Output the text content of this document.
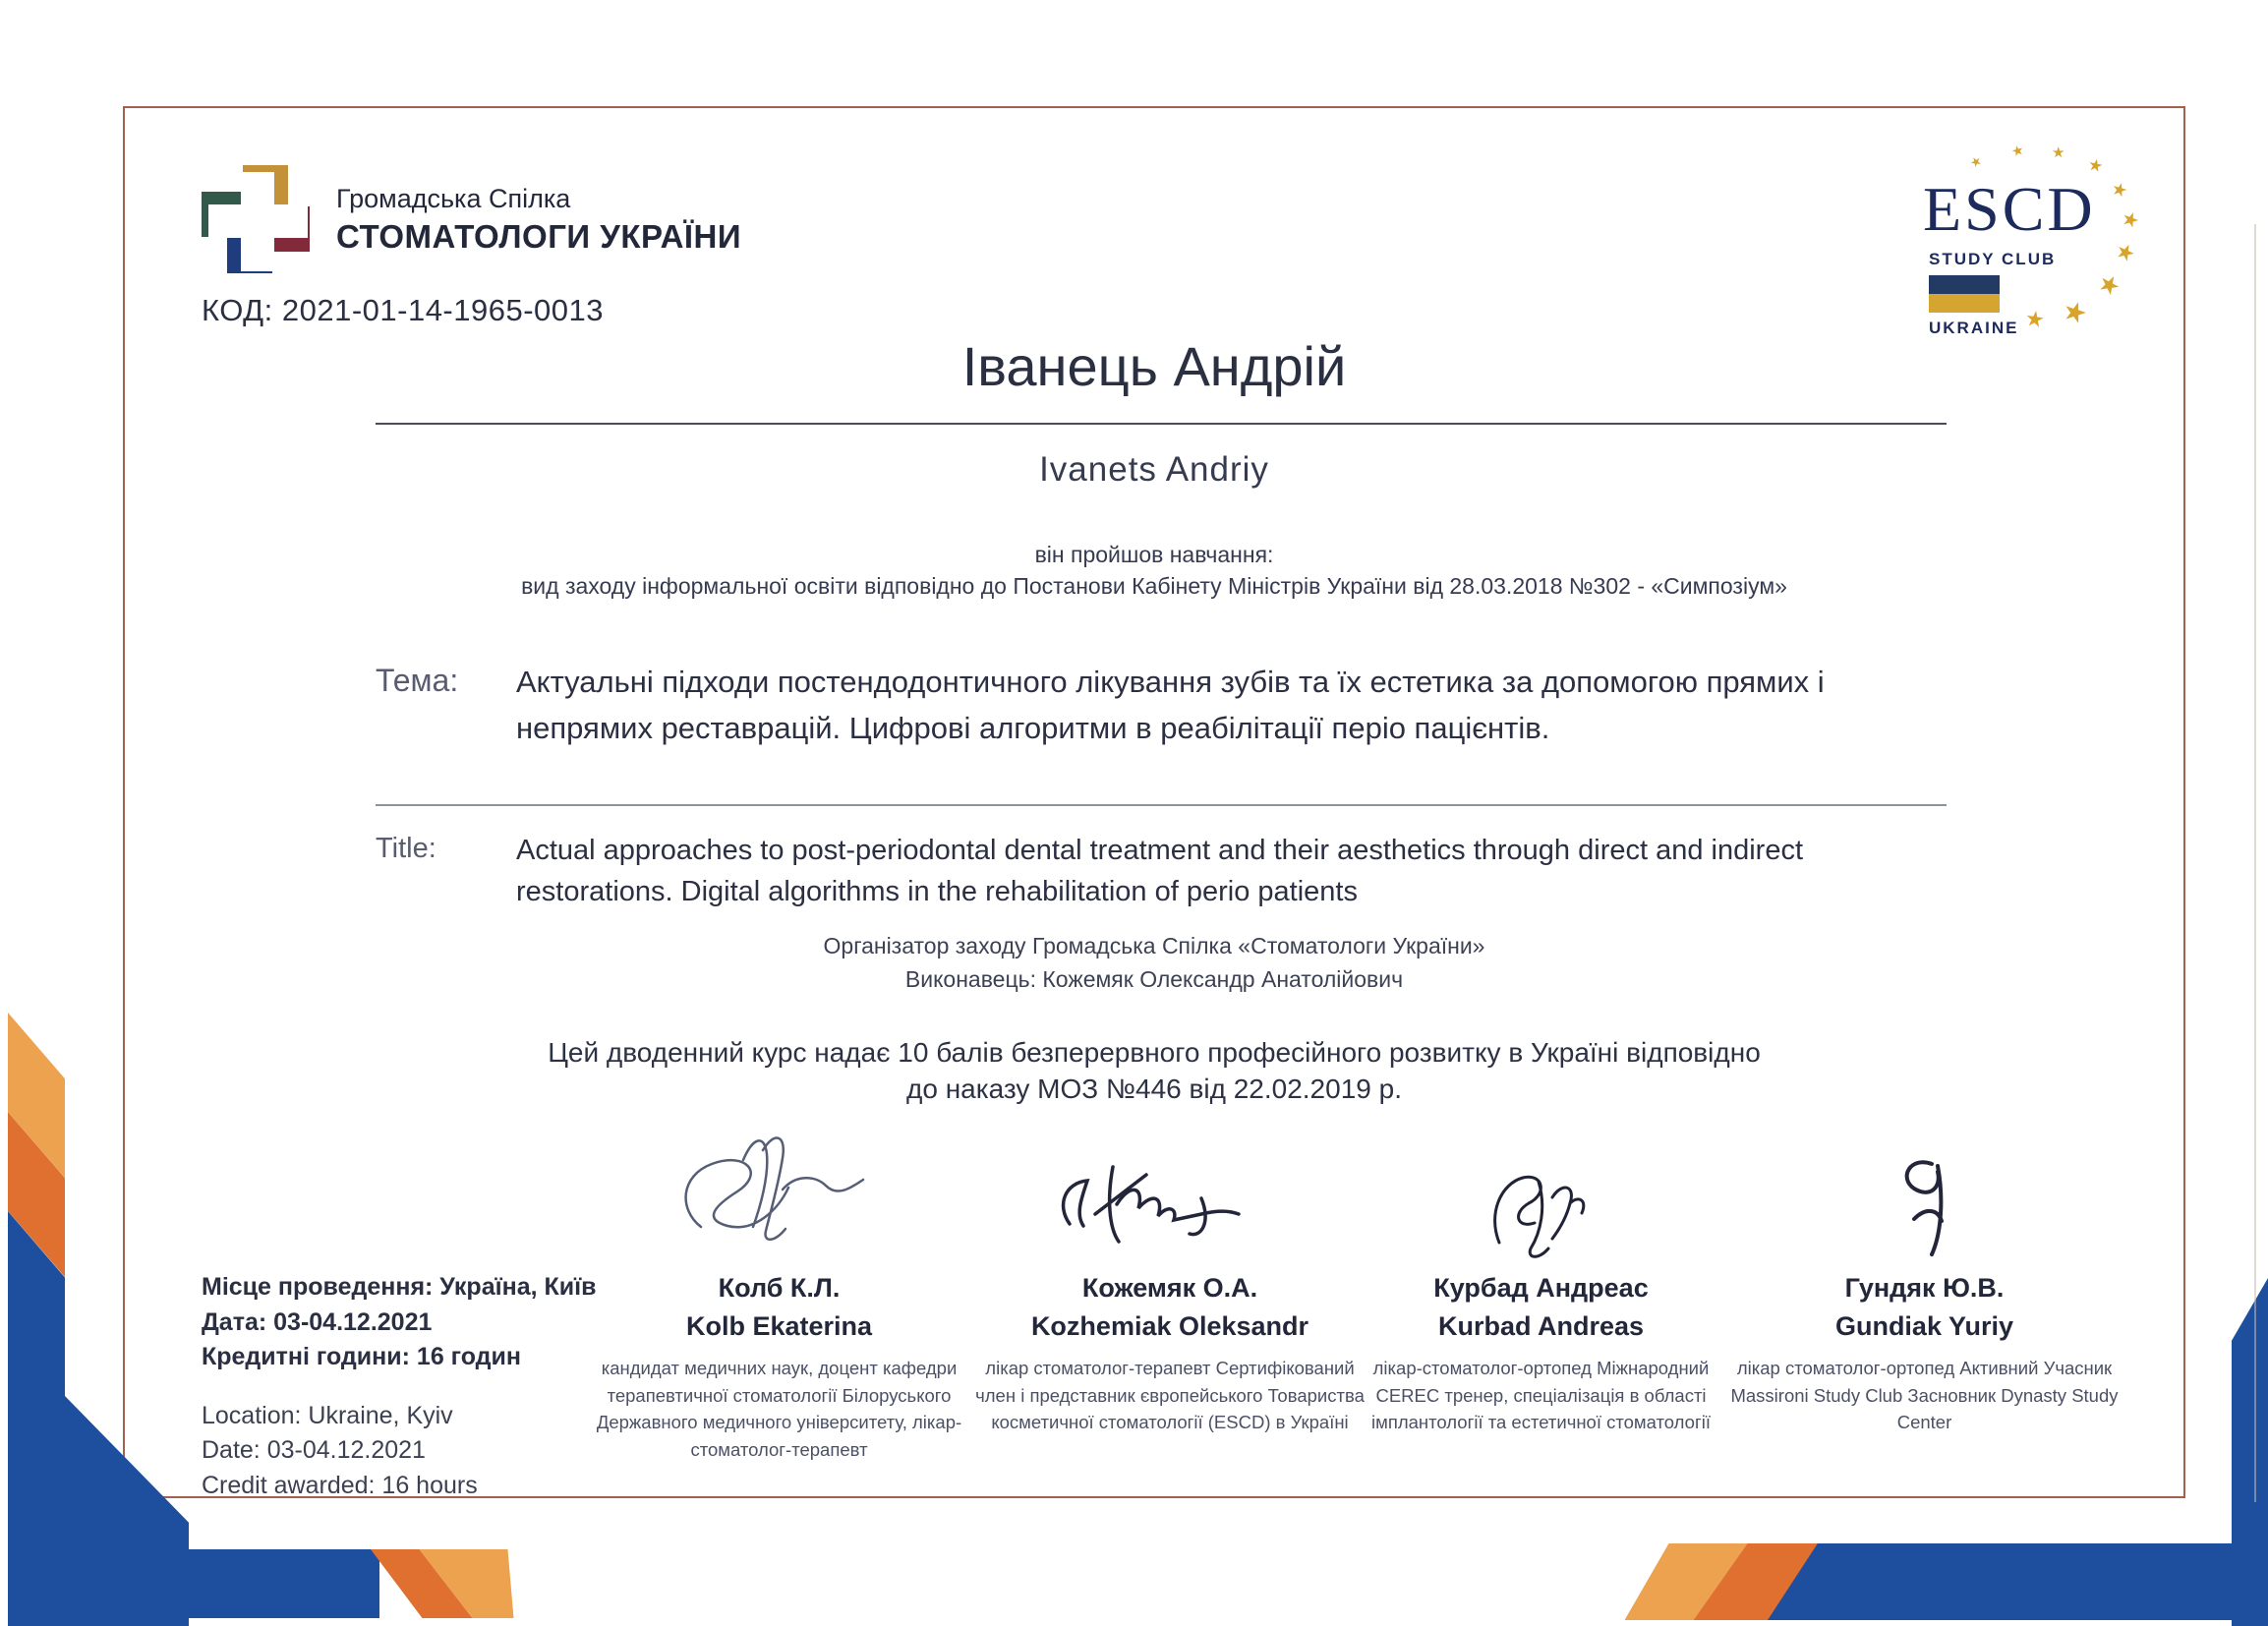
Громадська Спілка
СТОМАТОЛОГИ УКРАЇНИ
КОД: 2021-01-14-1965-0013
ESCD
STUDY CLUB
UKRAINE
★
★ ★
★
★
★
★
★
★
★
Іванець Андрій
Ivanets Andriy
він пройшов навчання:
вид заходу інформальної освіти відповідно до Постанови Кабінету Міністрів України від 28.03.2018 №302 - «Симпозіум»
Тема: Актуальні підходи постендодонтичного лікування зубів та їх естетика за допомогою прямих і непрямих реставрацій. Цифрові алгоритми в реабілітації періо пацієнтів.
Title:	Actual approaches to post-periodontal dental treatment and their aesthetics through direct and indirect restorations. Digital algorithms in the rehabilitation of perio patients
Організатор заходу Громадська Спілка «Стоматологи України»
Виконавець: Кожемяк Олександр Анатолійович
Цей дводенний курс надає 10 балів безперервного професійного розвитку в Україні відповідно
до наказу МОЗ №446 від 22.02.2019 р.
Колб К.Л.
Kolb Ekaterina
кандидат медичних наук, доцент кафедри терапевтичної стоматології Білоруського Державного медичного університету, лікар-стоматолог-терапевт
Кожемяк О.А.
Kozhemiak Oleksandr
лікар стоматолог-терапевт Сертифікований член і представник європейського Товариства косметичної стоматології (ESCD) в Україні
Курбад Андреас
Kurbad Andreas
лікар-стоматолог-ортопед Міжнародний CEREC тренер, спеціалізація в області імплантології та естетичної стоматології
Гундяк Ю.В.
Gundiak Yuriy
лікар стоматолог-ортопед Активний Учасник Massironi Study Club Засновник Dynasty Study Center
Місце проведення: Україна, Київ
Дата: 03-04.12.2021
Кредитні години: 16 годин
Location: Ukraine, Kyiv
Date: 03-04.12.2021
Credit awarded: 16 hours
